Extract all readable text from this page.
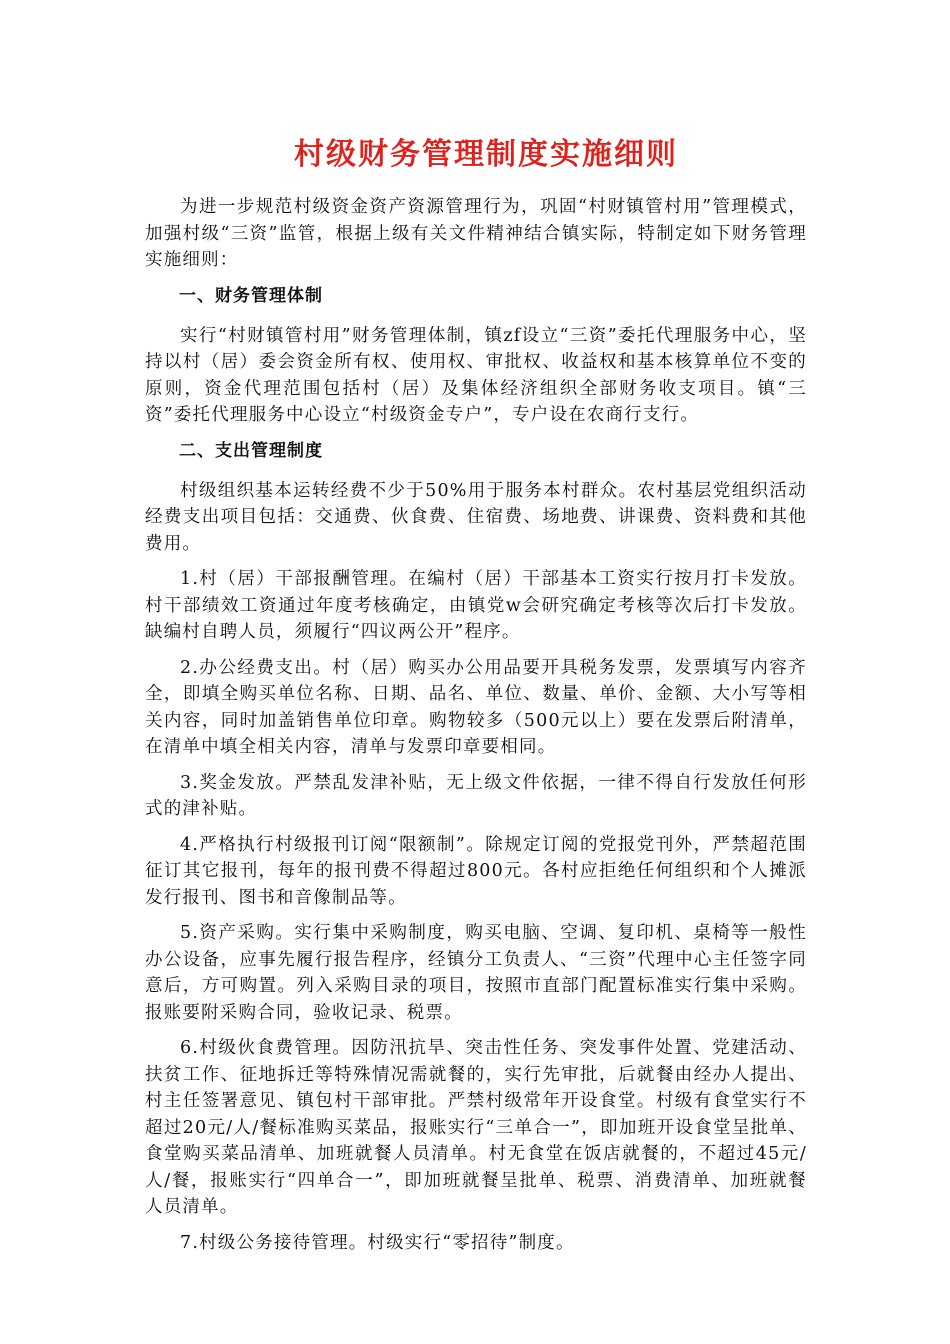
村级财务管理制度实施细则

为进一步规范村级资金资产资源管理行为，巩固“村财镇管村用”管理模式，加强村级“三资”监管，根据上级有关文件精神结合镇实际，特制定如下财务管理实施细则：

一、财务管理体制

实行“村财镇管村用”财务管理体制，镇zf设立“三资”委托代理服务中心，坚持以村（居）委会资金所有权、使用权、审批权、收益权和基本核算单位不变的原则，资金代理范围包括村（居）及集体经济组织全部财务收支项目。镇“三资”委托代理服务中心设立“村级资金专户”，专户设在农商行支行。

二、支出管理制度

村级组织基本运转经费不少于50%用于服务本村群众。农村基层党组织活动经费支出项目包括：交通费、伙食费、住宿费、场地费、讲课费、资料费和其他费用。

1.村（居）干部报酬管理。在编村（居）干部基本工资实行按月打卡发放。村干部绩效工资通过年度考核确定，由镇党w会研究确定考核等次后打卡发放。缺编村自聘人员，须履行“四议两公开”程序。

2.办公经费支出。村（居）购买办公用品要开具税务发票，发票填写内容齐全，即填全购买单位名称、日期、品名、单位、数量、单价、金额、大小写等相关内容，同时加盖销售单位印章。购物较多（500元以上）要在发票后附清单，在清单中填全相关内容，清单与发票印章要相同。

3.奖金发放。严禁乱发津补贴，无上级文件依据，一律不得自行发放任何形式的津补贴。

4.严格执行村级报刊订阅“限额制”。除规定订阅的党报党刊外，严禁超范围征订其它报刊，每年的报刊费不得超过800元。各村应拒绝任何组织和个人摊派发行报刊、图书和音像制品等。

5.资产采购。实行集中采购制度，购买电脑、空调、复印机、桌椅等一般性办公设备，应事先履行报告程序，经镇分工负责人、“三资”代理中心主任签字同意后，方可购置。列入采购目录的项目，按照市直部门配置标准实行集中采购。报账要附采购合同，验收记录、税票。

6.村级伙食费管理。因防汛抗旱、突击性任务、突发事件处置、党建活动、扶贫工作、征地拆迁等特殊情况需就餐的，实行先审批，后就餐由经办人提出、村主任签署意见、镇包村干部审批。严禁村级常年开设食堂。村级有食堂实行不超过20元/人/餐标准购买菜品，报账实行“三单合一”，即加班开设食堂呈批单、食堂购买菜品清单、加班就餐人员清单。村无食堂在饭店就餐的，不超过45元/人/餐，报账实行“四单合一”，即加班就餐呈批单、税票、消费清单、加班就餐人员清单。

7.村级公务接待管理。村级实行“零招待”制度。
